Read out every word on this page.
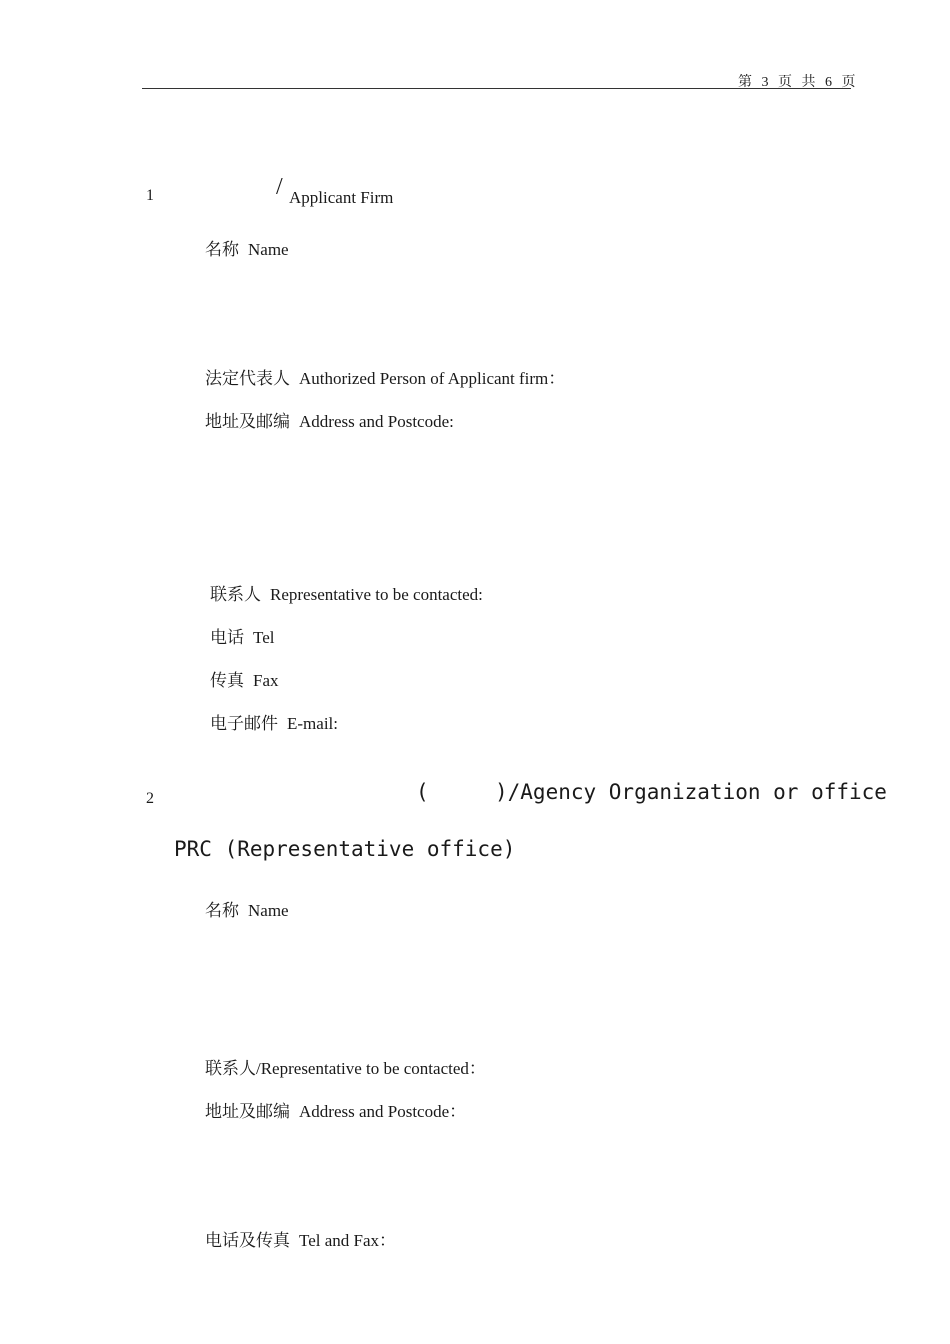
第 3 页 共 6 页
1	/ Applicant Firm
名称 Name
法定代表人 Authorized Person of Applicant firm：
地址及邮编 Address and Postcode:
联系人 Representative to be contacted:
电话 Tel
传真 Fax
电子邮件 E-mail:
2	(	)/Agency Organization or office
PRC (Representative office)
名称 Name
联系人/Representative to be contacted：
地址及邮编 Address and Postcode：
电话及传真 Tel and Fax：
